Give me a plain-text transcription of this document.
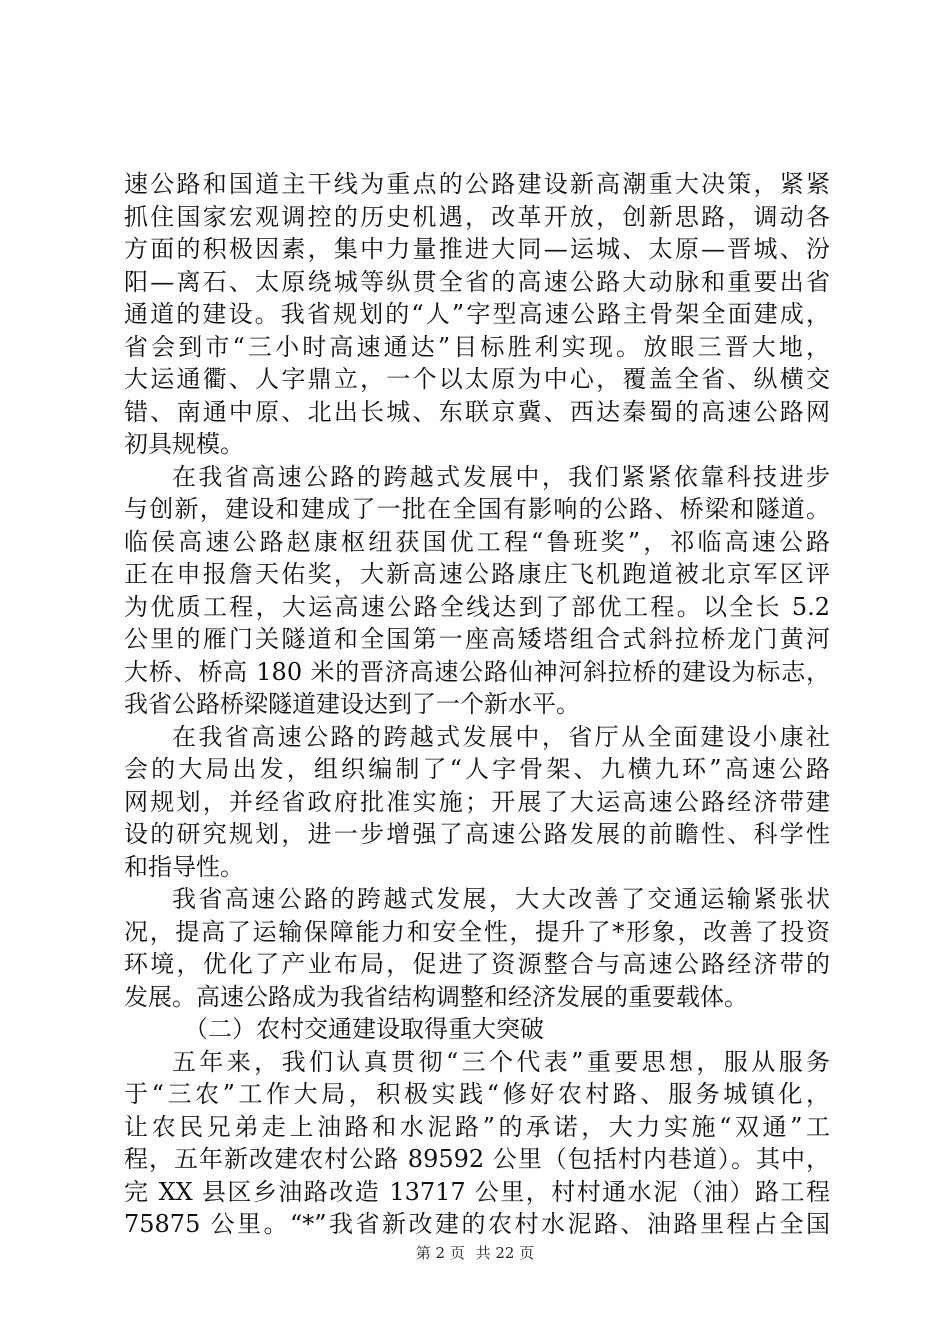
速公路和国道主干线为重点的公路建设新高潮重大决策，紧紧
抓住国家宏观调控的历史机遇，改革开放，创新思路，调动各
方面的积极因素，集中力量推进大同—运城、太原—晋城、汾
阳—离石、太原绕城等纵贯全省的高速公路大动脉和重要出省
通道的建设。我省规划的“人”字型高速公路主骨架全面建成，
省会到市“三小时高速通达”目标胜利实现。放眼三晋大地，
大运通衢、人字鼎立，一个以太原为中心，覆盖全省、纵横交
错、南通中原、北出长城、东联京冀、西达秦蜀的高速公路网
初具规模。
在我省高速公路的跨越式发展中，我们紧紧依靠科技进步
与创新，建设和建成了一批在全国有影响的公路、桥梁和隧道。
临侯高速公路赵康枢纽获国优工程“鲁班奖”，祁临高速公路
正在申报詹天佑奖，大新高速公路康庄飞机跑道被北京军区评
为优质工程，大运高速公路全线达到了部优工程。以全长 5.2
公里的雁门关隧道和全国第一座高矮塔组合式斜拉桥龙门黄河
大桥、桥高 180 米的晋济高速公路仙神河斜拉桥的建设为标志，
我省公路桥梁隧道建设达到了一个新水平。
在我省高速公路的跨越式发展中，省厅从全面建设小康社
会的大局出发，组织编制了“人字骨架、九横九环”高速公路
网规划，并经省政府批准实施；开展了大运高速公路经济带建
设的研究规划，进一步增强了高速公路发展的前瞻性、科学性
和指导性。
我省高速公路的跨越式发展，大大改善了交通运输紧张状
况，提高了运输保障能力和安全性，提升了*形象，改善了投资
环境，优化了产业布局，促进了资源整合与高速公路经济带的
发展。高速公路成为我省结构调整和经济发展的重要载体。
（二）农村交通建设取得重大突破
五年来，我们认真贯彻“三个代表”重要思想，服从服务
于“三农”工作大局，积极实践“修好农村路、服务城镇化，
让农民兄弟走上油路和水泥路”的承诺，大力实施“双通”工
程，五年新改建农村公路 89592 公里（包括村内巷道）。其中，
完 XX 县区乡油路改造 13717 公里，村村通水泥（油）路工程
75875 公里。“*”我省新改建的农村水泥路、油路里程占全国
第 2 页 共 22 页
